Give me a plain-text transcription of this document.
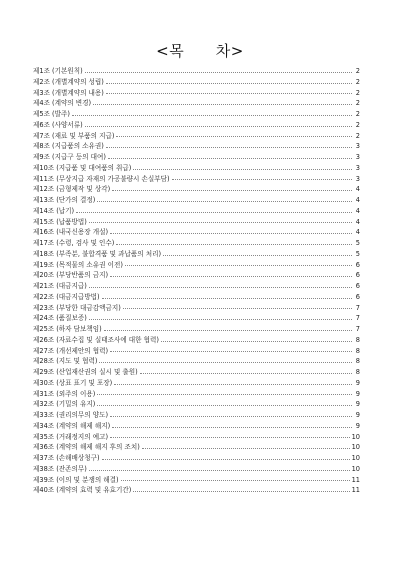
<목      차>
제1조 (기본원칙)	2
제2조 (개별계약의 성립)	2
제3조 (개별계약의 내용)	2
제4조 (계약의 변경)	2
제5조 (발주)	2
제6조 (사양서류)	2
제7조 (재료 및 부품의 지급)	2
제8조 (지급품의 소유권)	3
제9조 (지급구 등의 대여)	3
제10조 (지급품 및 대여품의 취급)	3
제11조 (무상지급 자재의 가공불량시 손실부담)	3
제12조 (금형제작 및 상각)	4
제13조 (단가의 결정)	4
제14조 (납기)	4
제15조 (납품방법)	4
제16조 (내국신용장 개설)	4
제17조 (수령, 검사 및 인수)	5
제18조 (부족분, 불합격품 및 과납품의 처리)	5
제19조 (목적물의 소유권 이전)	6
제20조 (부당반품의 금지)	6
제21조 (대금지급)	6
제22조 (대금지급방법)	6
제23조 (부당한 대금감액금지)	7
제24조 (품질보증)	7
제25조 (하자 담보책임)	7
제26조 (자료수집 및 실태조사에 대한 협력)	8
제27조 (개선제안의 협력)	8
제28조 (지도 및 협력)	8
제29조 (산업재산권의 실시 및 출원)	8
제30조 (상표 표기 및 포장)	9
제31조 (외주의 이용)	9
제32조 (기밀의 유지)	9
제33조 (권리의무의 양도)	9
제34조 (계약의 해제 해지)	9
제35조 (거래정지의 예고)	10
제36조 (계약의 해제 해지 후의 조치)	10
제37조 (손해배상청구)	10
제38조 (잔존의무)	10
제39조 (이의 및 분쟁의 해결)	11
제40조 (계약의 효력 및 유효기간)	11
